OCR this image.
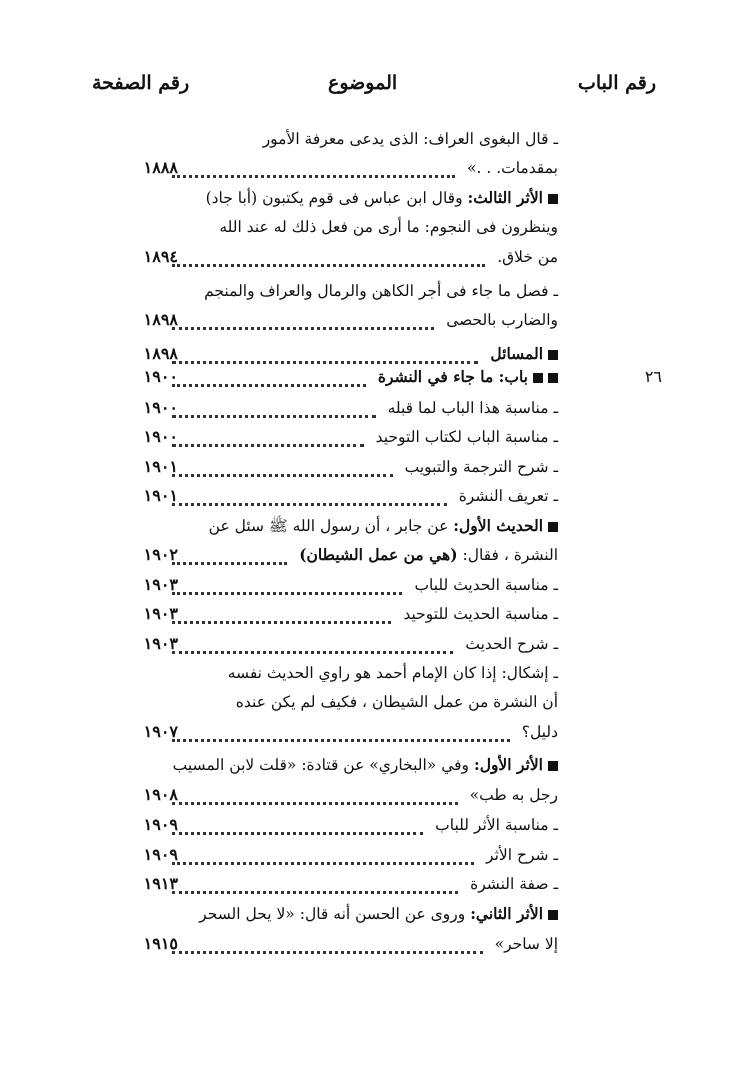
رقم الباب
الموضوع
رقم الصفحة
ـ قال البغوى العراف: الذى يدعى معرفة الأمور
بمقدمات. . .»
١٨٨٨
الأثر الثالث: وقال ابن عباس فى قوم يكتبون (أبا جاد)
وينظرون فى النجوم: ما أرى من فعل ذلك له عند الله
من خلاق.
١٨٩٤
ـ فصل ما جاء فى أجر الكاهن والرمال والعراف والمنجم
والضارب بالحصى
١٨٩٨
المسائل
١٨٩٨
باب: ما جاء في النشرة
١٩٠٠	٢٦
ـ مناسبة هذا الباب لما قبله
١٩٠٠
ـ مناسبة الباب لكتاب التوحيد
١٩٠٠
ـ شرح الترجمة والتبويب
١٩٠١
ـ تعريف النشرة
١٩٠١
الحديث الأول: عن جابر ، أن رسول الله ﷺ سئل عن
النشرة ، فقال: (هي من عمل الشيطان)
١٩٠٢
ـ مناسبة الحديث للباب
١٩٠٣
ـ مناسبة الحديث للتوحيد
١٩٠٣
ـ شرح الحديث
١٩٠٣
ـ إشكال: إذا كان الإمام أحمد هو راوي الحديث نفسه
أن النشرة من عمل الشيطان ، فكيف لم يكن عنده
دليل؟
١٩٠٧
الأثر الأول: وفي «البخاري» عن قتادة: «قلت لابن المسيب
رجل به طب»
١٩٠٨
ـ مناسبة الأثر للباب
١٩٠٩
ـ شرح الأثر
١٩٠٩
ـ صفة النشرة
١٩١٣
الأثر الثاني: وروى عن الحسن أنه قال: «لا يحل السحر
إلا ساحر»
١٩١٥
